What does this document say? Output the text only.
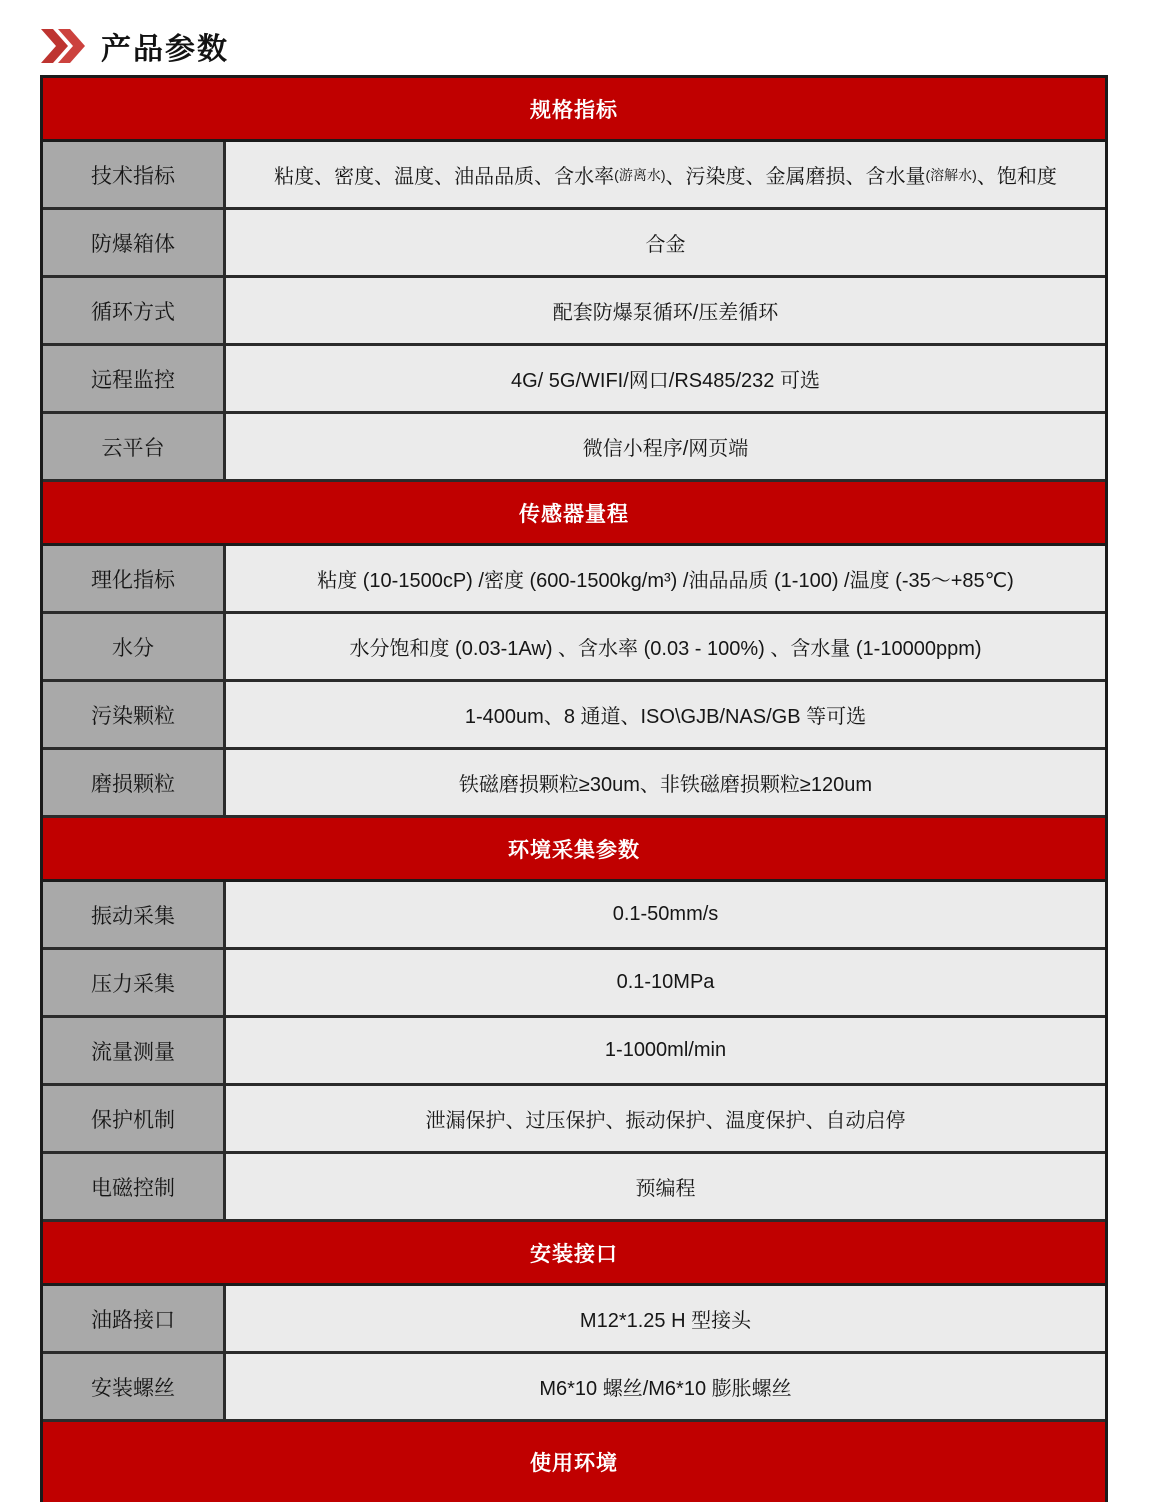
产品参数
规格指标
技术指标	粘度、密度、温度、油品品质、含水率 (游离水) 、污染度、金属磨损、含水量 (溶解水) 、饱和度
防爆箱体	合金
循环方式	配套防爆泵循环/压差循环
远程监控	4G/ 5G/WIFI/网口/RS485/232 可选
云平台	微信小程序/网页端
传感器量程
理化指标	粘度 (10-1500cP) /密度 (600-1500kg/m³) /油品品质 (1-100) /温度 (-35～+85℃)
水分	水分饱和度 (0.03-1Aw) 、含水率 (0.03 - 100%) 、含水量 (1-10000ppm)
污染颗粒	1-400um、8 通道、ISO\GJB/NAS/GB 等可选
磨损颗粒	铁磁磨损颗粒≥30um、非铁磁磨损颗粒≥120um
环境采集参数
振动采集	0.1-50mm/s
压力采集	0.1-10MPa
流量测量	1-1000ml/min
保护机制	泄漏保护、过压保护、振动保护、温度保护、自动启停
电磁控制	预编程
安装接口
油路接口	M12*1.25 H 型接头
安装螺丝	M6*10 螺丝/M6*10 膨胀螺丝
使用环境
